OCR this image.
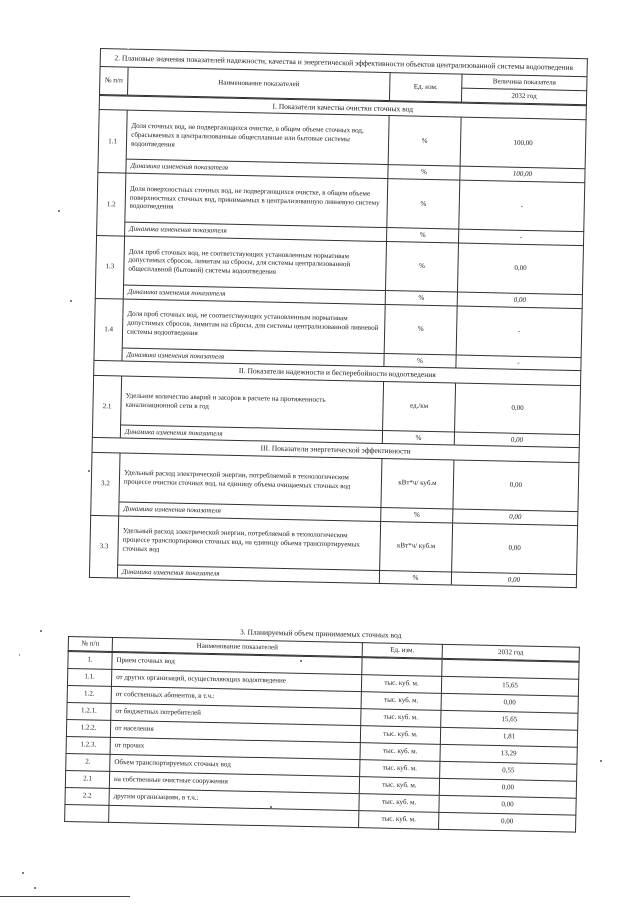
2. Плановые значения показателей надежности, качества и энергетической эффективности объектов централизованной системы водоотведения
№ п/п	Наименование показателей	Ед. изм.	Величина показателя
2032 год
I. Показатели качества очистки сточных вод			
1.1	Доля сточных вод, не подвергающихся очистке, в общем объеме сточных вод, сбрасываемых в централизованные общесплавные или бытовые системы водоотведения	%	100,00
	Динамика изменения показателя	%	100,00
1.2	Доля поверхностных сточных вод, не подвергающихся очистке, в общем объеме поверхностных сточных вод, принимаемых в централизованную ливневую систему водоотведения	%	-
	Динамика изменения показателя	%	-
1.3	Доля проб сточных вод, не соответствующих установленным нормативам допустимых сбросов, лимитам на сбросы, для системы централизованной общесплавной (бытовой) системы водоотведения	%	0,00
	Динамика изменения показателя	%	0,00
1.4	Доля проб сточных вод, не соответствующих установленным нормативам допустимых сбросов, лимитам на сбросы, для системы централизованной ливневой системы водоотведения	%	-
	Динамика изменения показателя	%	-
II. Показатели надежности и бесперебойности водоотведения			
2.1	Удельное количество аварий и засоров в расчете на протяженность канализационной сети в год	ед./км	0,00
	Динамика изменения показателя	%	0,00
III. Показатели энергетической эффективности			
3.2	Удельный расход электрической энергии, потребляемой в технологическом процессе очистки сточных вод, на единицу объема очищаемых сточных вод	кВт*ч/ куб.м	0,00
	Динамика изменения показателя	%	0,00
3.3	Удельный расход электрической энергии, потребляемой в технологическом процессе транспортировки сточных вод, на единицу объема транспортируемых сточных вод	кВт*ч/ куб.м	0,00
	Динамика изменения показателя	%	0,00
3. Планируемый объем принимаемых сточных вод
№ п/п	Наименование показателей	Ед. изм.	2032 год
1.	Прием сточных вод		
1.1.	от других организаций, осуществляющих водоотведение	тыс. куб. м.	15,65
1.2.	от собственных абонентов, в т.ч.:	тыс. куб. м.	0,00
1.2.1.	от бюджетных потребителей	тыс. куб. м.	15,65
1.2.2.	от населения	тыс. куб. м.	1,81
1.2.3.	от прочих	тыс. куб. м.	13,29
2.	Объем транспортируемых сточных вод	тыс. куб. м.	0,55
2.1	на собственные очистные сооружения	тыс. куб. м.	0,00
2.2	другим организациям, в т.ч.:	тыс. куб. м.	0,00
		тыс. куб. м.	0,00
·
